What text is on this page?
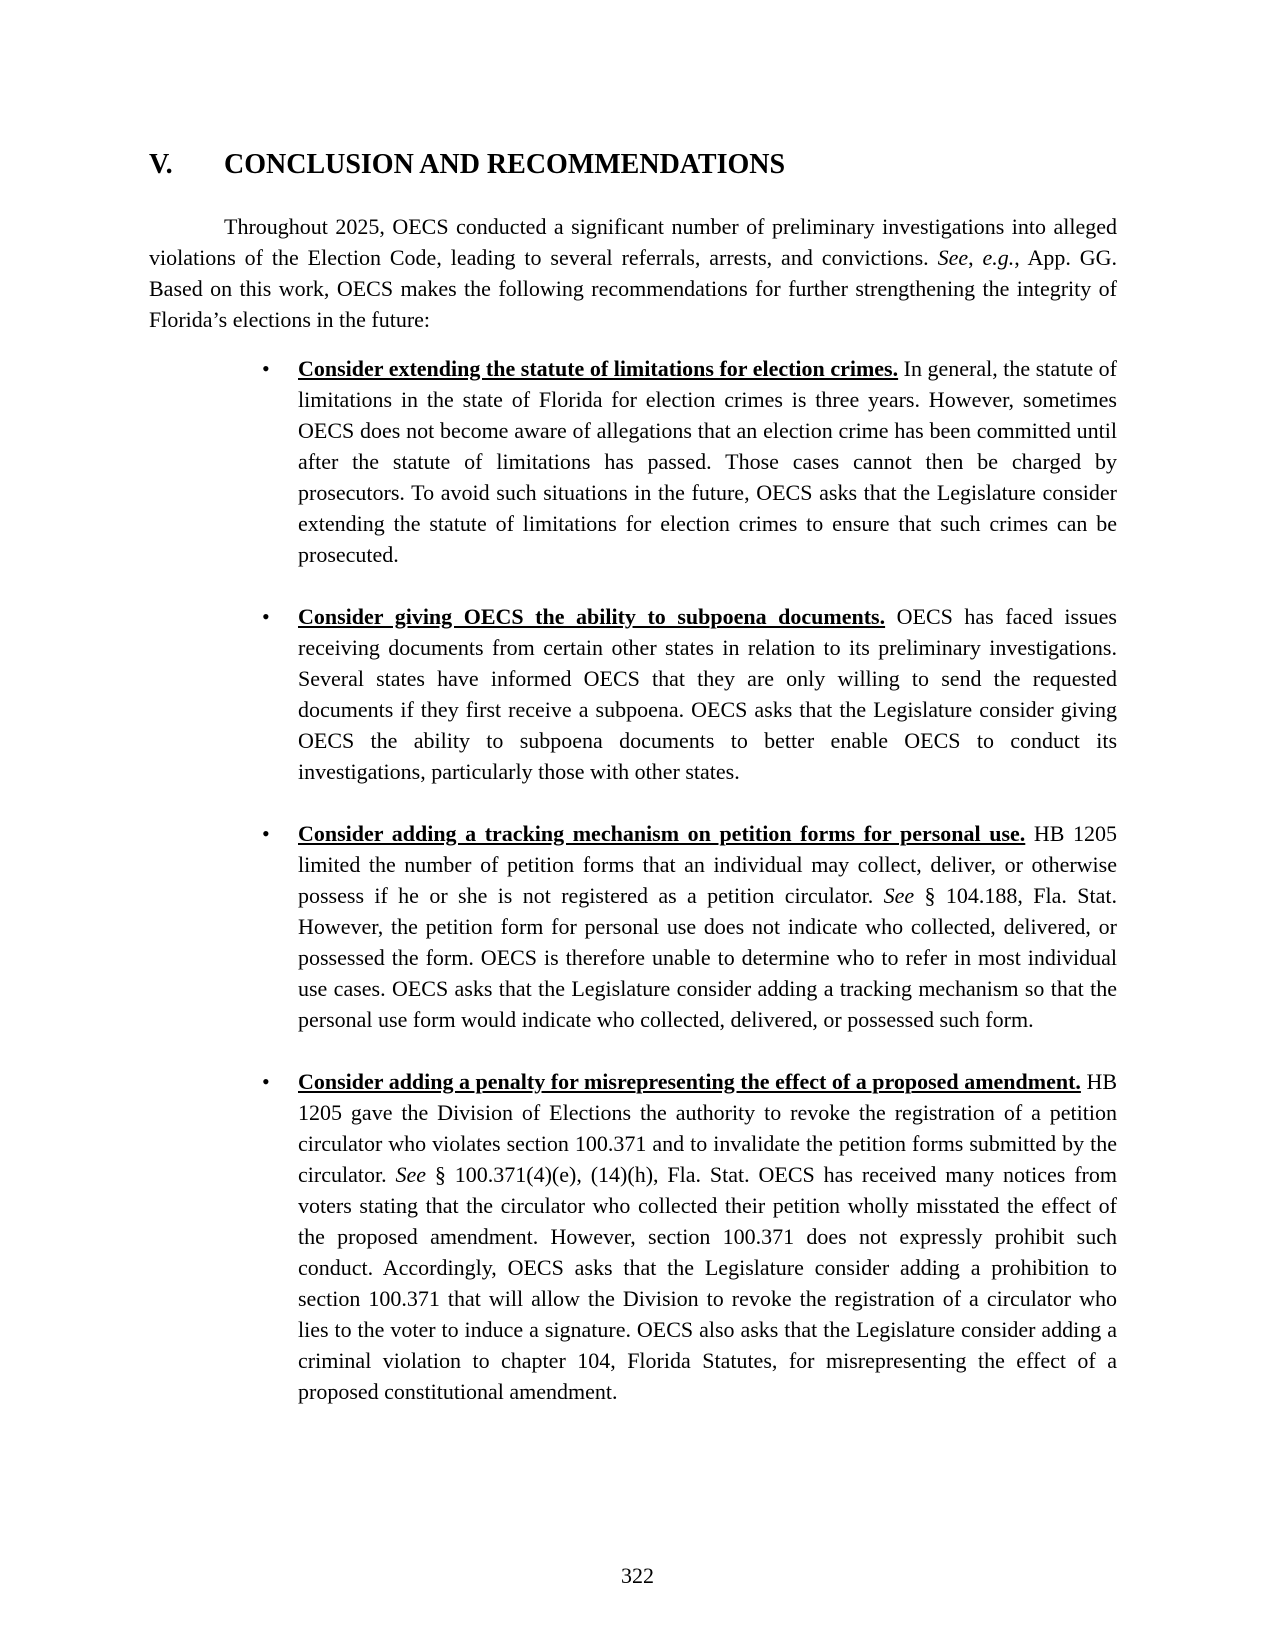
V. CONCLUSION AND RECOMMENDATIONS

Throughout 2025, OECS conducted a significant number of preliminary investigations into alleged violations of the Election Code, leading to several referrals, arrests, and convictions. See, e.g., App. GG. Based on this work, OECS makes the following recommendations for further strengthening the integrity of Florida’s elections in the future:

• Consider extending the statute of limitations for election crimes. In general, the statute of limitations in the state of Florida for election crimes is three years. However, sometimes OECS does not become aware of allegations that an election crime has been committed until after the statute of limitations has passed. Those cases cannot then be charged by prosecutors. To avoid such situations in the future, OECS asks that the Legislature consider extending the statute of limitations for election crimes to ensure that such crimes can be prosecuted.
• Consider giving OECS the ability to subpoena documents. OECS has faced issues receiving documents from certain other states in relation to its preliminary investigations. Several states have informed OECS that they are only willing to send the requested documents if they first receive a subpoena. OECS asks that the Legislature consider giving OECS the ability to subpoena documents to better enable OECS to conduct its investigations, particularly those with other states.
• Consider adding a tracking mechanism on petition forms for personal use. HB 1205 limited the number of petition forms that an individual may collect, deliver, or otherwise possess if he or she is not registered as a petition circulator. See § 104.188, Fla. Stat. However, the petition form for personal use does not indicate who collected, delivered, or possessed the form. OECS is therefore unable to determine who to refer in most individual use cases. OECS asks that the Legislature consider adding a tracking mechanism so that the personal use form would indicate who collected, delivered, or possessed such form.
• Consider adding a penalty for misrepresenting the effect of a proposed amendment. HB 1205 gave the Division of Elections the authority to revoke the registration of a petition circulator who violates section 100.371 and to invalidate the petition forms submitted by the circulator. See § 100.371(4)(e), (14)(h), Fla. Stat. OECS has received many notices from voters stating that the circulator who collected their petition wholly misstated the effect of the proposed amendment. However, section 100.371 does not expressly prohibit such conduct. Accordingly, OECS asks that the Legislature consider adding a prohibition to section 100.371 that will allow the Division to revoke the registration of a circulator who lies to the voter to induce a signature. OECS also asks that the Legislature consider adding a criminal violation to chapter 104, Florida Statutes, for misrepresenting the effect of a proposed constitutional amendment.
322
